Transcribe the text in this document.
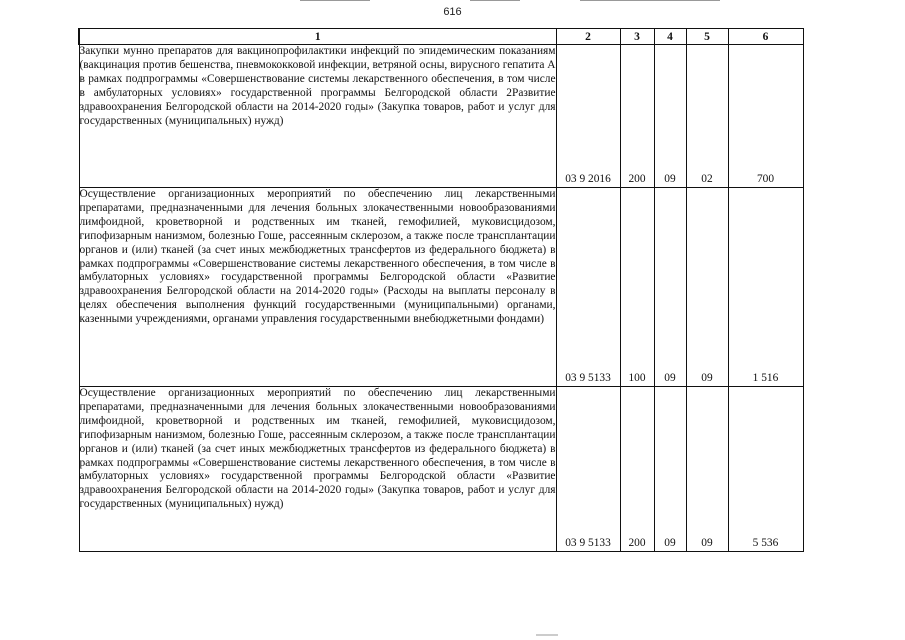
616
1	2	3	4	5	6
Закупки мунно препаратов для вакцинопрофилактики инфекций по эпидемическим показаниям (вакцинация против бешенства, пневмококковой инфекции, ветряной осны, вирусного гепатита А в рамках подпрограммы «Совершенствование системы лекарственного обеспечения, в том числе в амбулаторных условиях» государственной программы Белгородской области 2Развитие здравоохранения Белгородской области на 2014-2020 годы» (Закупка товаров, работ и услуг для государственных (муниципальных) нужд)	03 9 2016	200	09	02	700
Осуществление организационных мероприятий по обеспечению лиц лекарственными препаратами, предназначенными для лечения больных злокачественными новообразованиями лимфоидной, кроветворной и родственных им тканей, гемофилией, муковисцидозом, гипофизарным нанизмом, болезнью Гоше, рассеянным склерозом, а также после трансплантации органов и (или) тканей (за счет иных межбюджетных трансфертов из федерального бюджета) в рамках подпрограммы «Совершенствование системы лекарственного обеспечения, в том числе в амбулаторных условиях» государственной программы Белгородской области «Развитие здравоохранения Белгородской области на 2014-2020 годы» (Расходы на выплаты персоналу в целях обеспечения выполнения функций государственными (муниципальными) органами, казенными учреждениями, органами управления государственными внебюджетными фондами)	03 9 5133	100	09	09	1 516
Осуществление организационных мероприятий по обеспечению лиц лекарственными препаратами, предназначенными для лечения больных злокачественными новообразованиями лимфоидной, кроветворной и родственных им тканей, гемофилией, муковисцидозом, гипофизарным нанизмом, болезнью Гоше, рассеянным склерозом, а также после трансплантации органов и (или) тканей (за счет иных межбюджетных трансфертов из федерального бюджета) в рамках подпрограммы «Совершенствование системы лекарственного обеспечения, в том числе в амбулаторных условиях» государственной программы Белгородской области «Развитие здравоохранения Белгородской области на 2014-2020 годы» (Закупка товаров, работ и услуг для государственных (муниципальных) нужд)	03 9 5133	200	09	09	5 536
